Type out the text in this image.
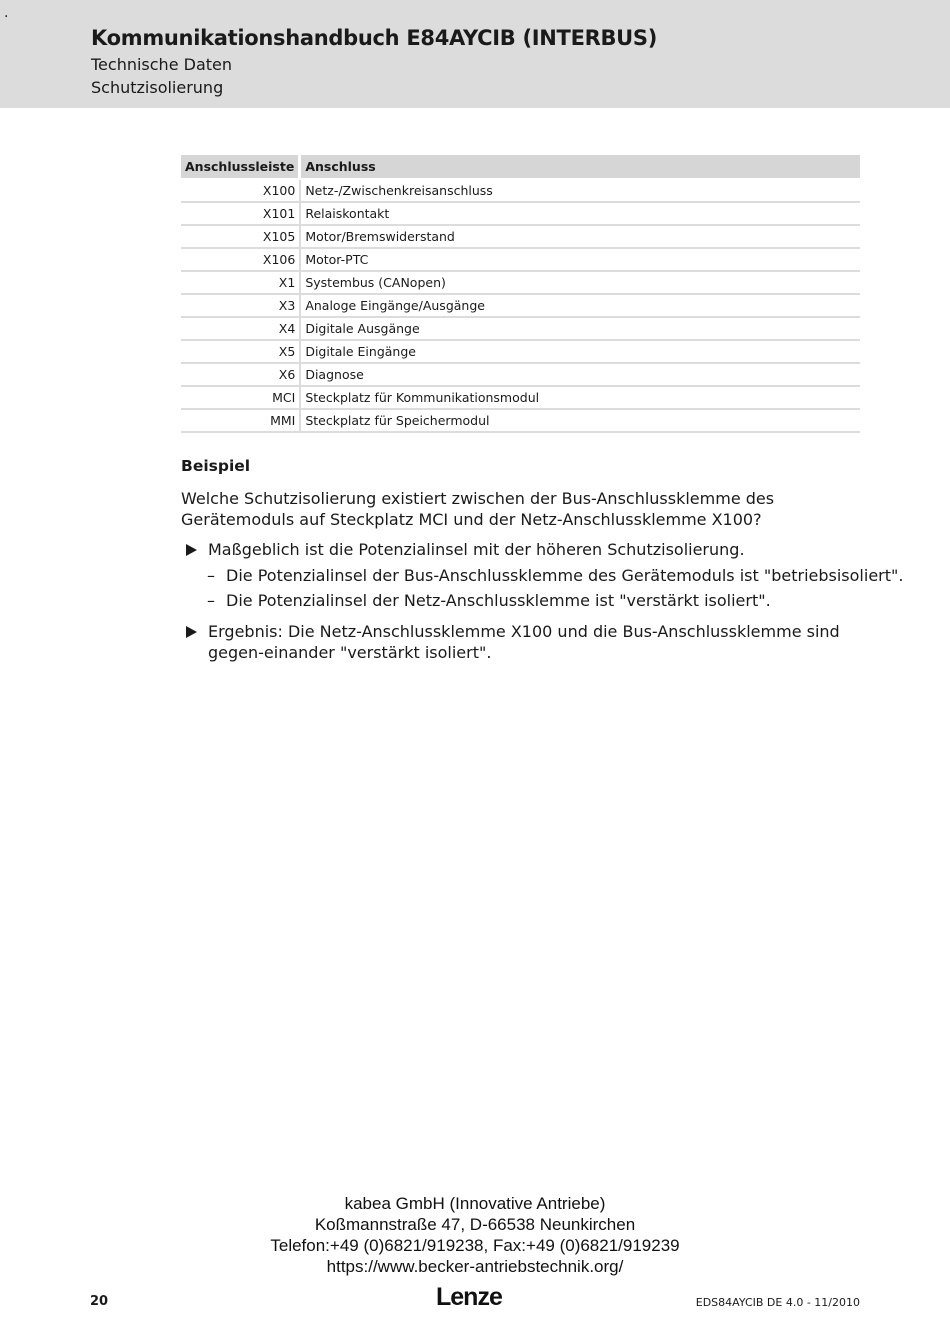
.
Kommunikationshandbuch E84AYCIB (INTERBUS)
Technische Daten
Schutzisolierung
Anschlussleiste	Anschluss
X100	Netz-/Zwischenkreisanschluss
X101	Relaiskontakt
X105	Motor/Bremswiderstand
X106	Motor-PTC
X1	Systembus (CANopen)
X3	Analoge Eingänge/Ausgänge
X4	Digitale Ausgänge
X5	Digitale Eingänge
X6	Diagnose
MCI	Steckplatz für Kommunikationsmodul
MMI	Steckplatz für Speichermodul
Beispiel
Welche Schutzisolierung existiert zwischen der Bus-Anschlussklemme des Gerätemoduls auf Steckplatz MCI und der Netz-Anschlussklemme X100?
Maßgeblich ist die Potenzialinsel mit der höheren Schutzisolierung.
– Die Potenzialinsel der Bus-Anschlussklemme des Gerätemoduls ist "betriebsisoliert".
– Die Potenzialinsel der Netz-Anschlussklemme ist "verstärkt isoliert".
Ergebnis: Die Netz-Anschlussklemme X100 und die Bus-Anschlussklemme sind gegen-einander "verstärkt isoliert".
kabea GmbH (Innovative Antriebe)
Koßmannstraße 47, D-66538 Neunkirchen
Telefon:+49 (0)6821/919238, Fax:+49 (0)6821/919239
https://www.becker-antriebstechnik.org/
20	Lenze	EDS84AYCIB DE 4.0 - 11/2010
